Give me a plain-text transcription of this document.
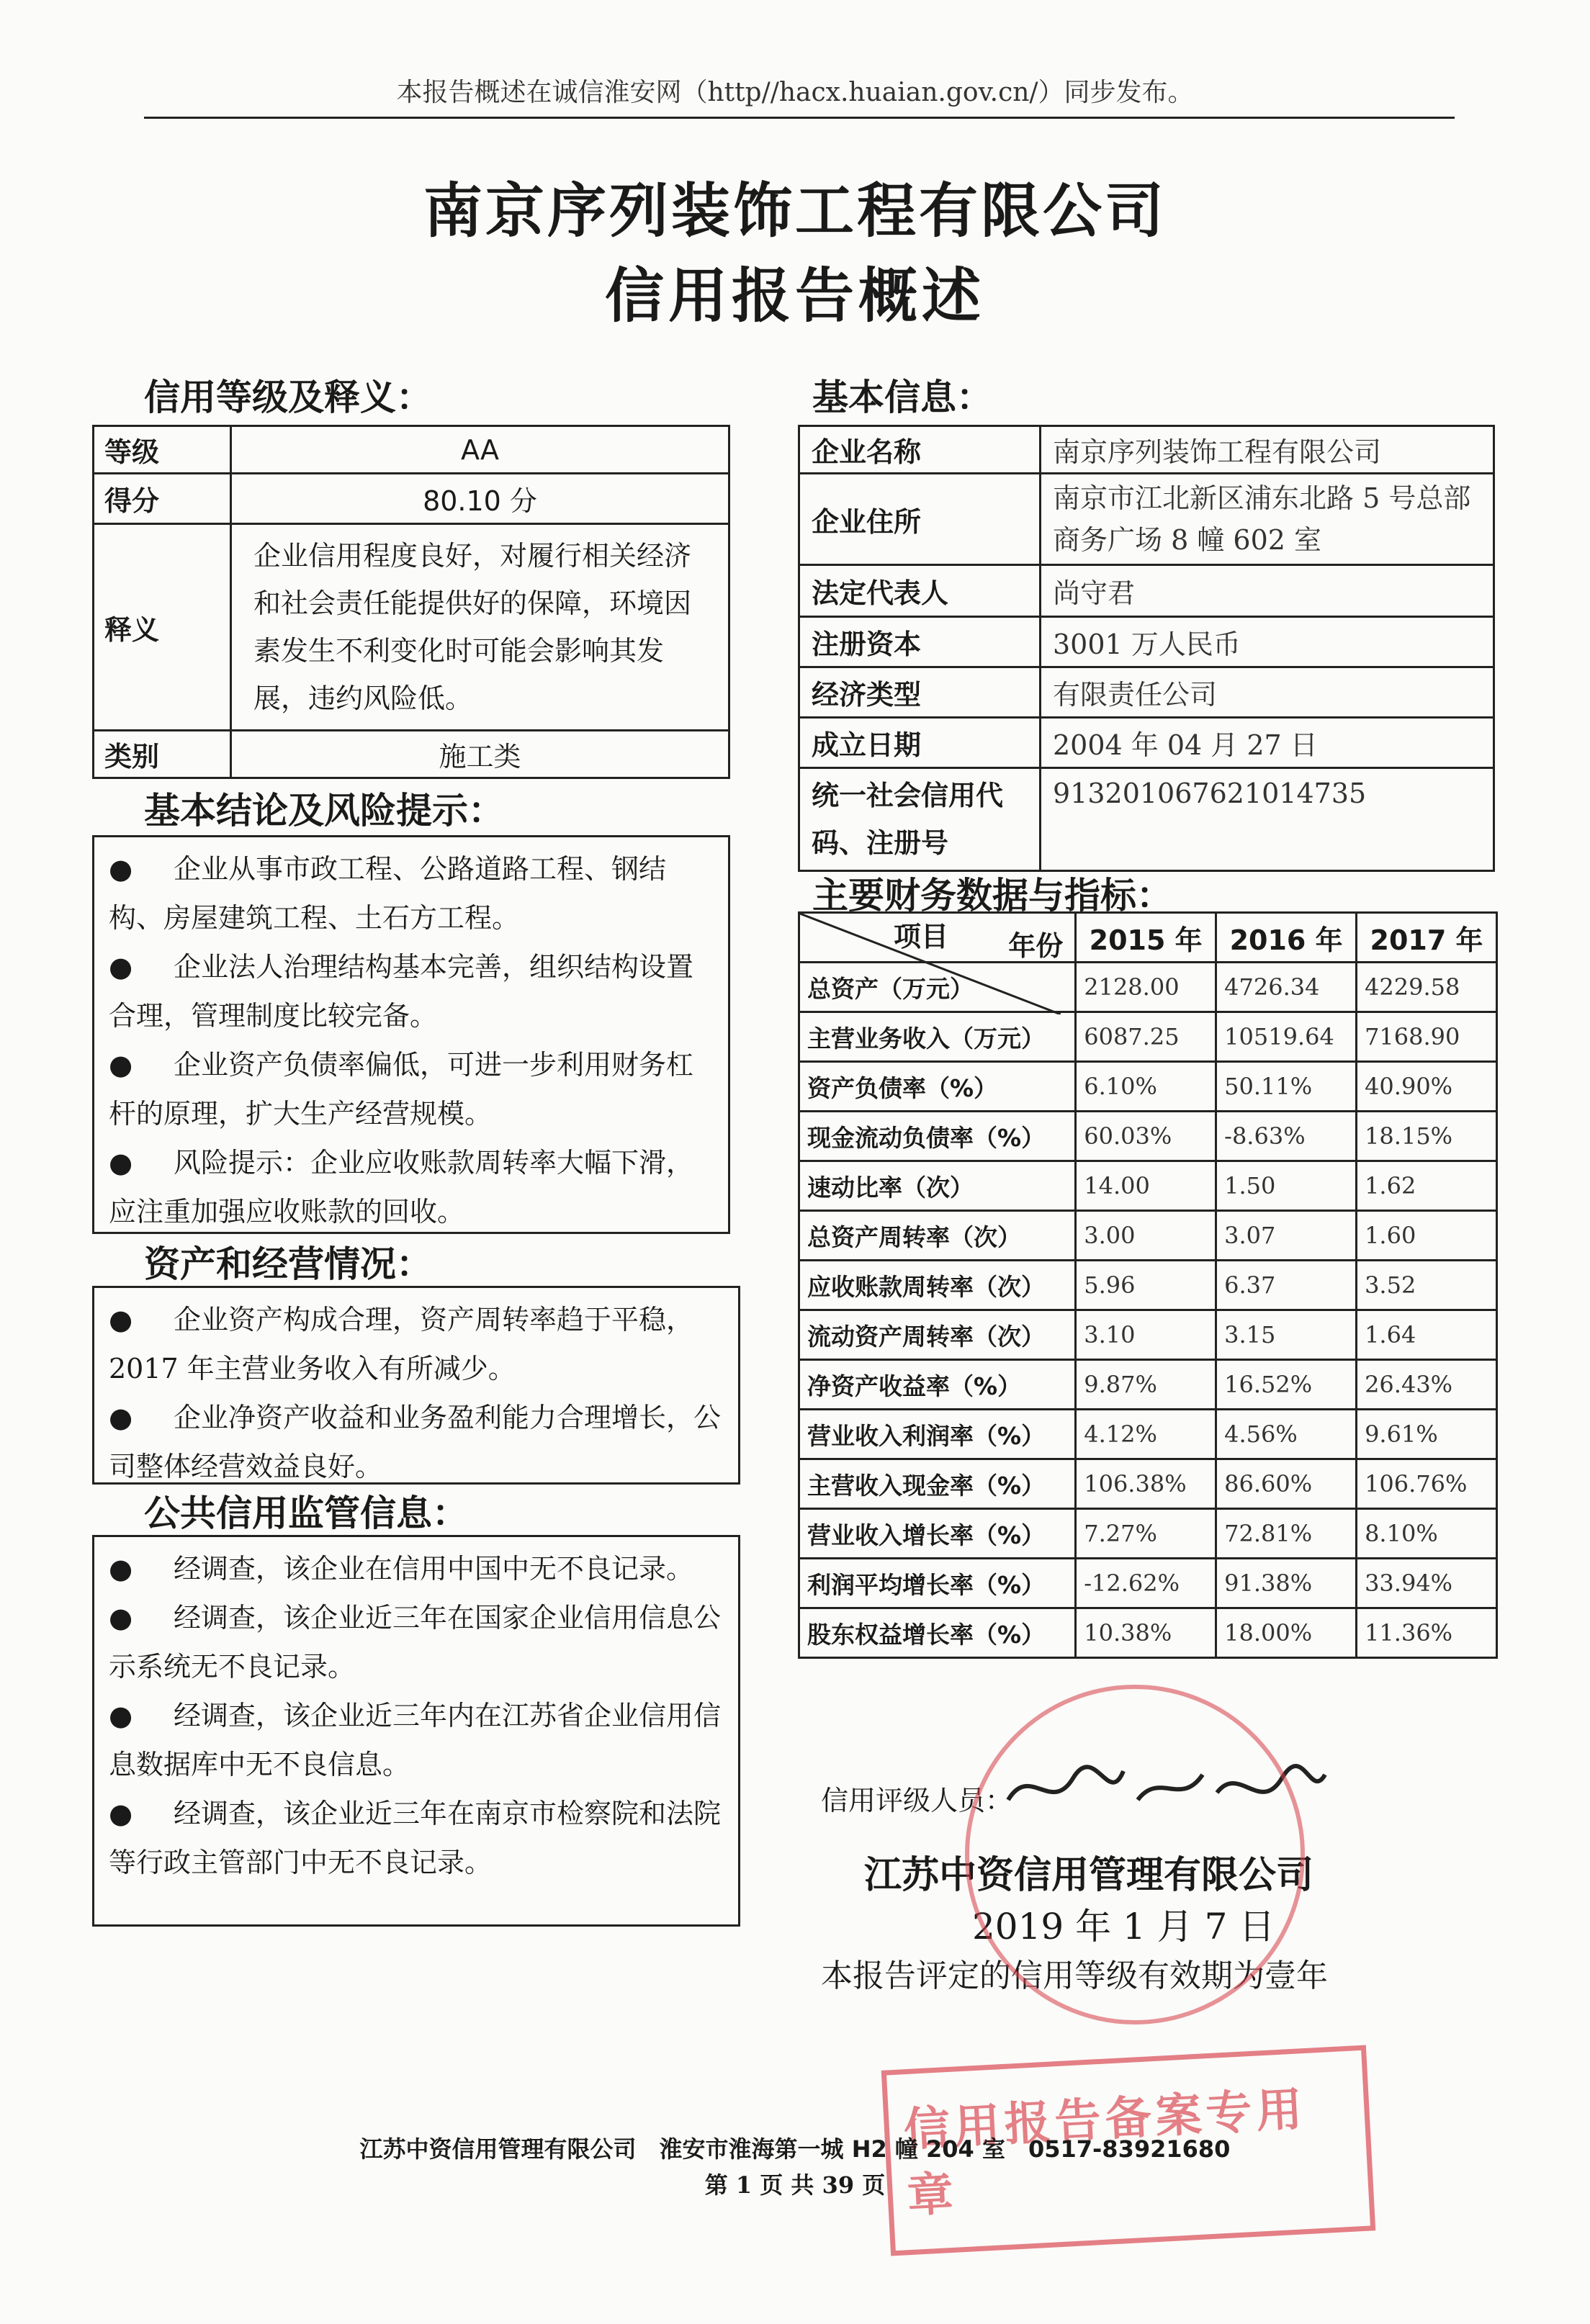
本报告概述在诚信淮安网（http//hacx.huaian.gov.cn/）同步发布。
南京序列装饰工程有限公司
信用报告概述
信用等级及释义：
等级	AA
得分	80.10 分
释义	企业信用程度良好，对履行相关经济和社会责任能提供好的保障，环境因素发生不利变化时可能会影响其发展，违约风险低。
类别	施工类
基本结论及风险提示：
● 企业从事市政工程、公路道路工程、钢结构、房屋建筑工程、土石方工程。
● 企业法人治理结构基本完善，组织结构设置合理，管理制度比较完备。
● 企业资产负债率偏低，可进一步利用财务杠杆的原理，扩大生产经营规模。
● 风险提示：企业应收账款周转率大幅下滑，应注重加强应收账款的回收。
资产和经营情况：
● 企业资产构成合理，资产周转率趋于平稳，2017 年主营业务收入有所减少。
● 企业净资产收益和业务盈利能力合理增长，公司整体经营效益良好。
公共信用监管信息：
● 经调查，该企业在信用中国中无不良记录。
● 经调查，该企业近三年在国家企业信用信息公示系统无不良记录。
● 经调查，该企业近三年内在江苏省企业信用信息数据库中无不良信息。
● 经调查，该企业近三年在南京市检察院和法院等行政主管部门中无不良记录。
基本信息：
企业名称	南京序列装饰工程有限公司
企业住所	南京市江北新区浦东北路 5 号总部商务广场 8 幢 602 室
法定代表人	尚守君
注册资本	3001 万人民币
经济类型	有限责任公司
成立日期	2004 年 04 月 27 日
统一社会信用代码、注册号	91320106762101473​5
主要财务数据与指标：
年份
项目	2015 年	2016 年	2017 年
总资产（万元）	2128.00	4726.34	4229.58
主营业务收入（万元）	6087.25	10519.64	7168.90
资产负债率（%）	6.10%	50.11%	40.90%
现金流动负债率（%）	60.03%	-8.63%	18.15%
速动比率（次）	14.00	1.50	1.62
总资产周转率（次）	3.00	3.07	1.60
应收账款周转率（次）	5.96	6.37	3.52
流动资产周转率（次）	3.10	3.15	1.64
净资产收益率（%）	9.87%	16.52%	26.43%
营业收入利润率（%）	4.12%	4.56%	9.61%
主营收入现金率（%）	106.38%	86.60%	106.76%
营业收入增长率（%）	7.27%	72.81%	8.10%
利润平均增长率（%）	-12.62%	91.38%	33.94%
股东权益增长率（%）	10.38%	18.00%	11.36%
信用评级人员：
江苏中资信用管理有限公司
2019 年 1 月 7 日
本报告评定的信用等级有效期为壹年
信用报告备案专用章
江苏中资信用管理有限公司　淮安市淮海第一城 H2 幢 204 室　0517-83921680
第 1 页 共 39 页
